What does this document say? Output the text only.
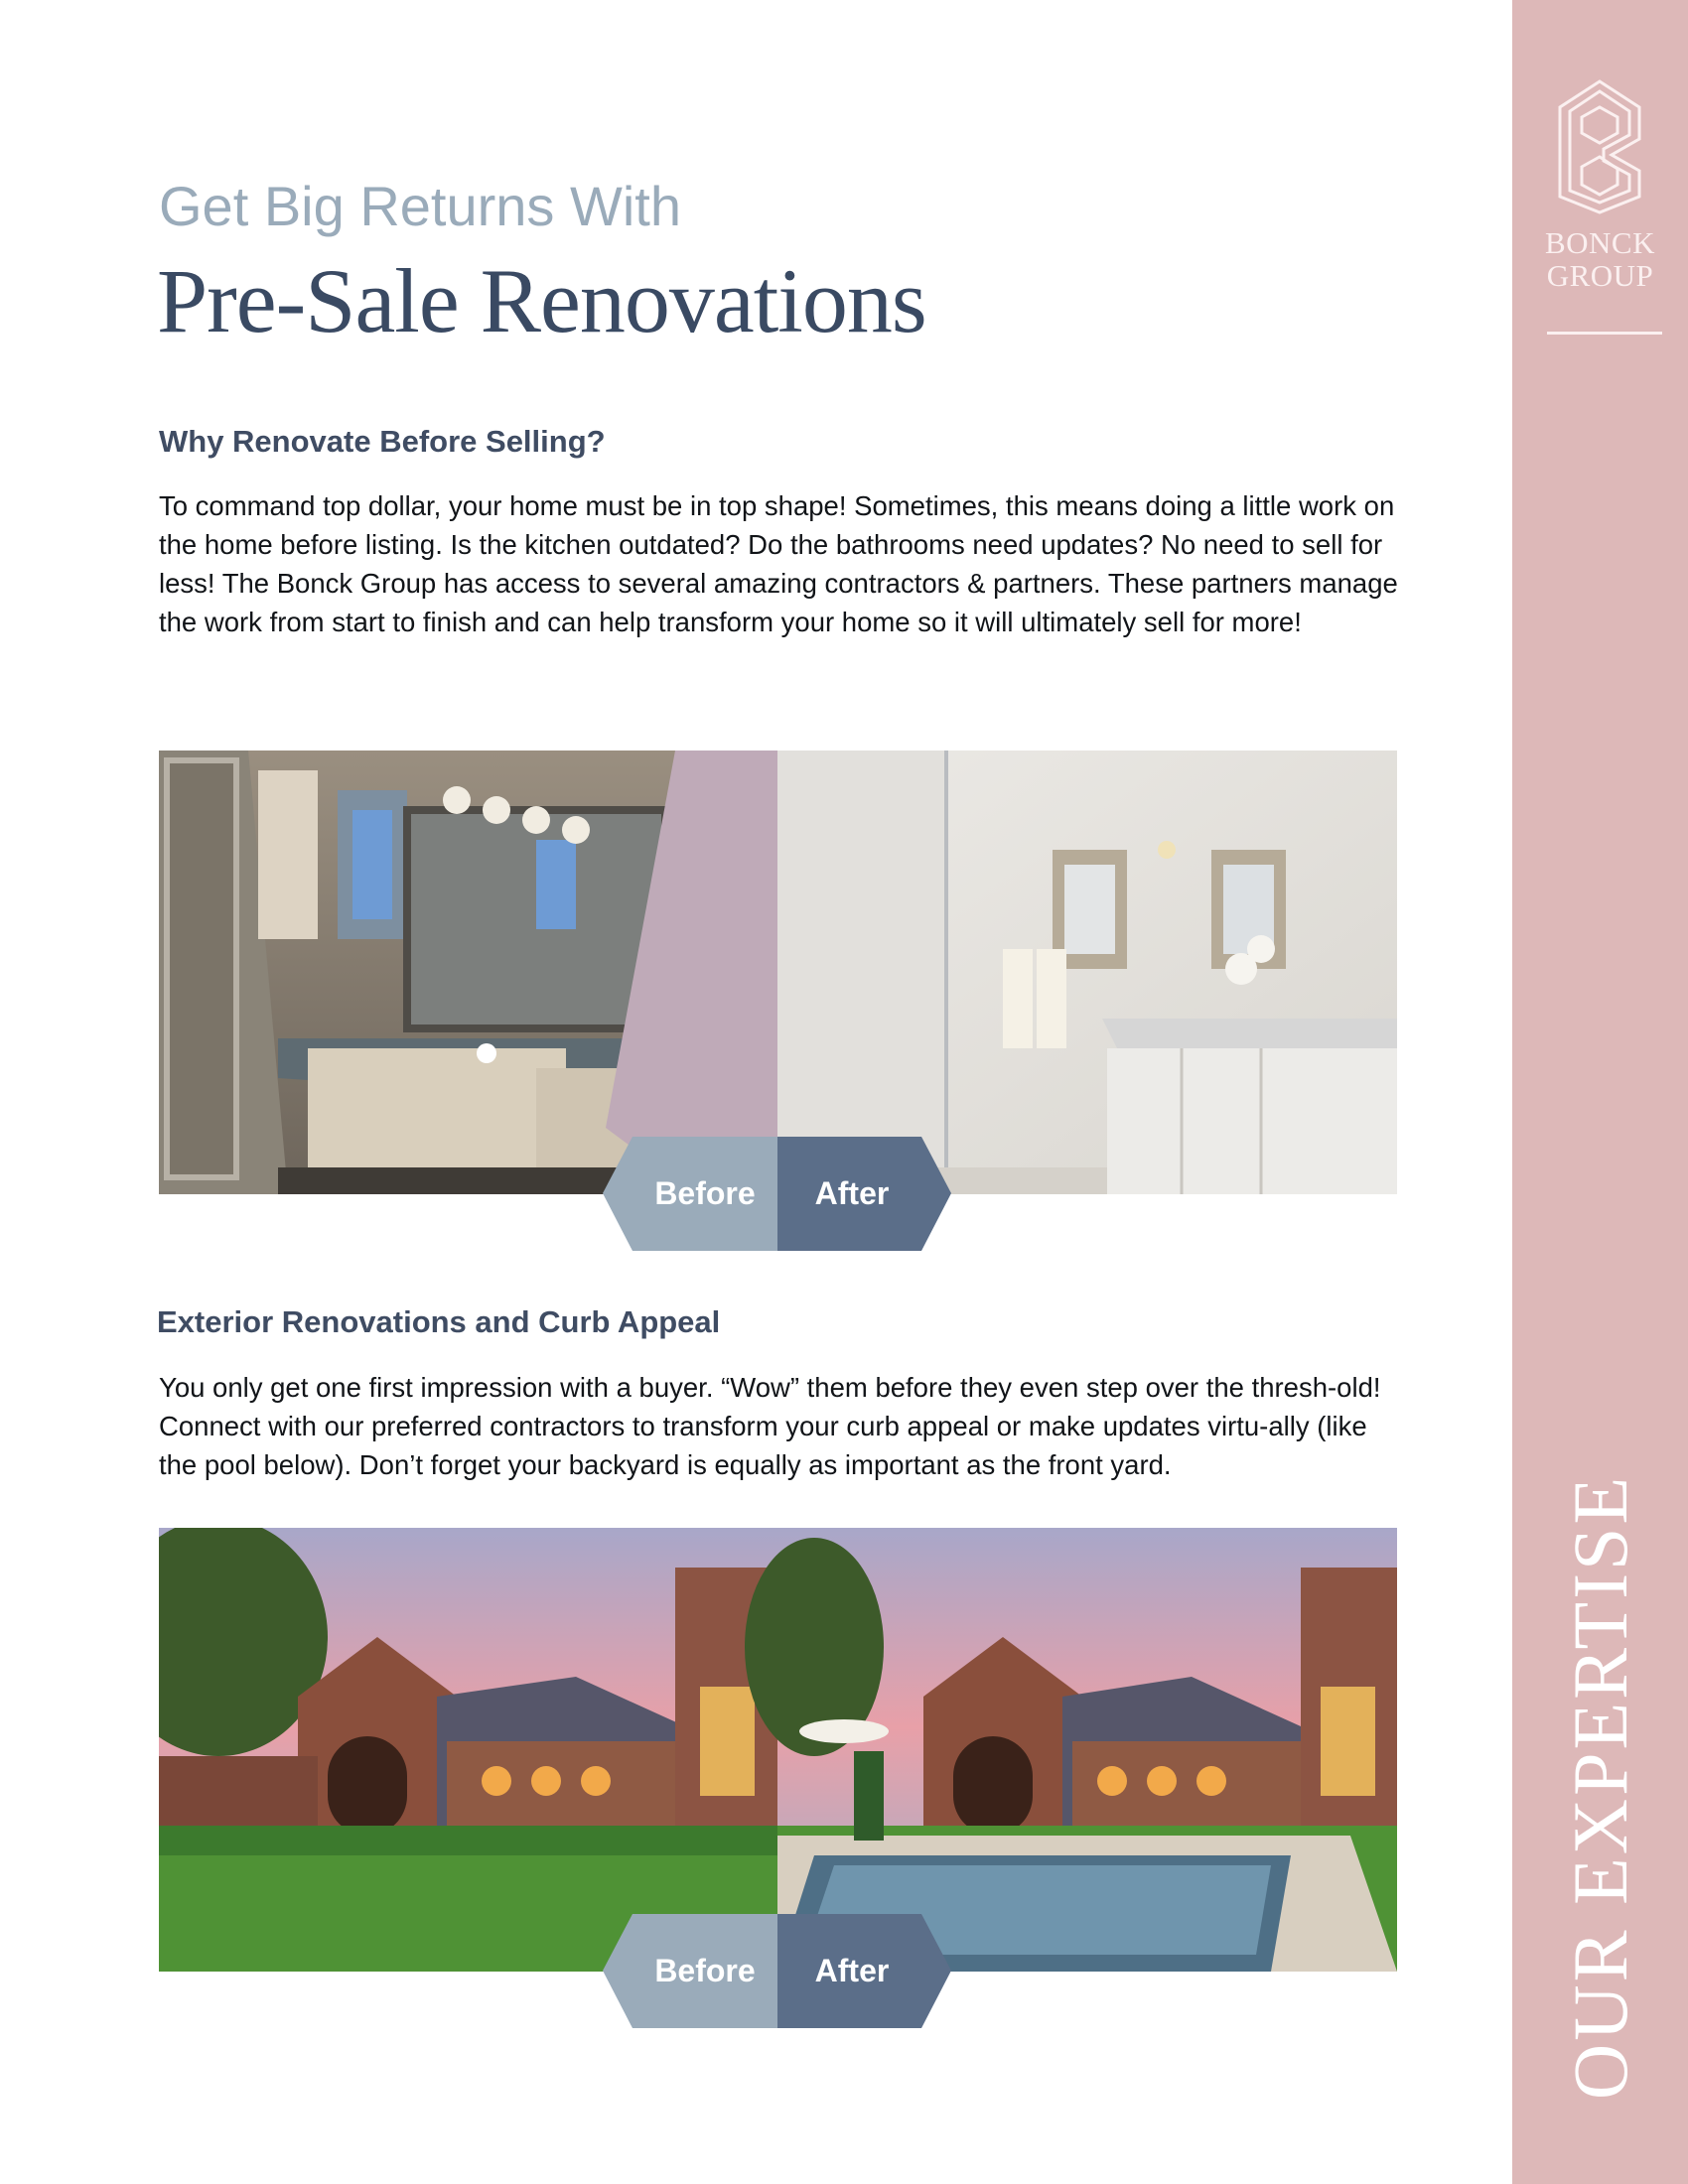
BONCK
GROUP
OUR EXPERTISE
Get Big Returns With
Pre-Sale Renovations
Why Renovate Before Selling?

To command top dollar, your home must be in top shape! Sometimes, this means doing a little work on the home before listing. Is the kitchen outdated? Do the bathrooms need updates? No need to sell for less! The Bonck Group has access to several amazing contractors & partners. These partners manage the work from start to finish and can help transform your home so it will ultimately sell for more!

Before	After
Exterior Renovations and Curb Appeal

You only get one first impression with a buyer. “Wow” them before they even step over the thresh-old! Connect with our preferred contractors to transform your curb appeal or make updates virtu-ally (like the pool below). Don’t forget your backyard is equally as important as the front yard.

Before	After
